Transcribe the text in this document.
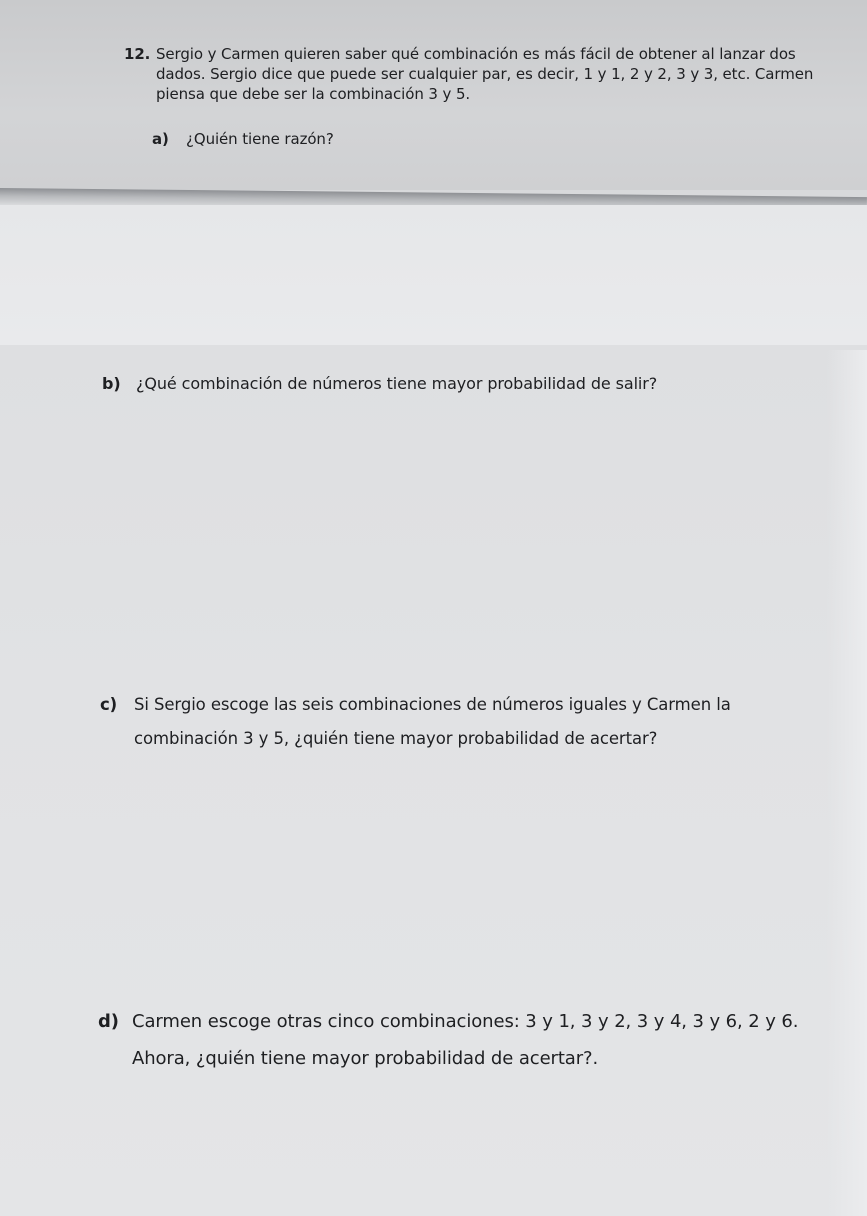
12. Sergio y Carmen quieren saber qué combinación es más fácil de obtener al lanzar dos dados. Sergio dice que puede ser cualquier par, es decir, 1 y 1, 2 y 2, 3 y 3, etc. Carmen piensa que debe ser la combinación 3 y 5.

a) ¿Quién tiene razón?

b) ¿Qué combinación de números tiene mayor probabilidad de salir?

c) Si Sergio escoge las seis combinaciones de números iguales y Carmen la combinación 3 y 5, ¿quién tiene mayor probabilidad de acertar?

d) Carmen escoge otras cinco combinaciones: 3 y 1, 3 y 2, 3 y 4, 3 y 6, 2 y 6. Ahora, ¿quién tiene mayor probabilidad de acertar?.
